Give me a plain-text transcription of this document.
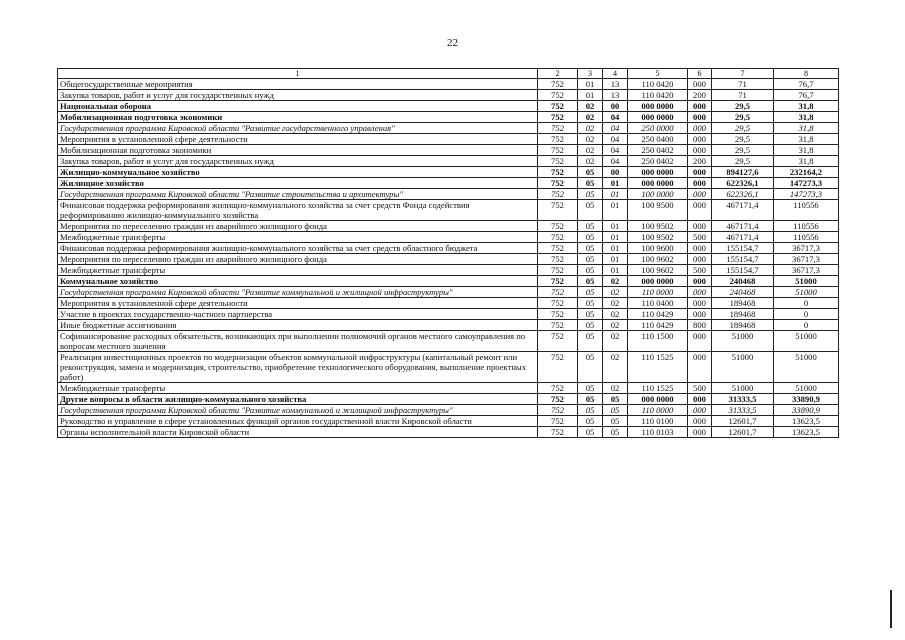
22
1	2	3	4	5	6	7	8
Общегосударственные мероприятия	752	01	13	110 0420	000	71	76,7
Закупка товаров, работ и услуг для государственных нужд	752	01	13	110 0420	200	71	76,7
Национальная оборона	752	02	00	000 0000	000	29,5	31,8
Мобилизационная подготовка экономики	752	02	04	000 0000	000	29,5	31,8
Государственная программа Кировской области "Развитие государственного управления"	752	02	04	250 0000	000	29,5	31,8
Мероприятия в установленной сфере деятельности	752	02	04	250 0400	000	29,5	31,8
Мобилизационная подготовка экономики	752	02	04	250 0402	000	29,5	31,8
Закупка товаров, работ и услуг для государственных нужд	752	02	04	250 0402	200	29,5	31,8
Жилищно-коммунальное хозяйство	752	05	00	000 0000	000	894127,6	232164,2
Жилищное хозяйство	752	05	01	000 0000	000	622326,1	147273,3
Государственная программа Кировской области "Развитие строительства и архитектуры"	752	05	01	100 0000	000	622326,1	147273,3
Финансовая поддержка реформирования жилищно-коммунального хозяйства за счет средств Фонда содействия реформированию жилищно-коммунального хозяйства	752	05	01	100 9500	000	467171,4	110556
Мероприятия по переселению граждан из аварийного жилищного фонда	752	05	01	100 9502	000	467171,4	110556
Межбюджетные трансферты	752	05	01	100 9502	500	467171,4	110556
Финансовая поддержка реформирования жилищно-коммунального хозяйства за счет средств областного бюджета	752	05	01	100 9600	000	155154,7	36717,3
Мероприятия по переселению граждан из аварийного жилищного фонда	752	05	01	100 9602	000	155154,7	36717,3
Межбюджетные трансферты	752	05	01	100 9602	500	155154,7	36717,3
Коммунальное хозяйство	752	05	02	000 0000	000	240468	51000
Государственная программа Кировской области "Развитие коммунальной и жилищной инфраструктуры"	752	05	02	110 0000	000	240468	51000
Мероприятия в установленной сфере деятельности	752	05	02	110 0400	000	189468	0
Участие в проектах государственно-частного партнерства	752	05	02	110 0429	000	189468	0
Иные бюджетные ассигнования	752	05	02	110 0429	800	189468	0
Софинансирование расходных обязательств, возникающих при выполнении полномочий органов местного самоуправления по вопросам местного значения	752	05	02	110 1500	000	51000	51000
Реализация инвестиционных проектов по модернизации объектов коммунальной инфраструктуры (капитальный ремонт или реконструкция, замена и модернизация, строительство, приобретение технологического оборудования, выполнение проектных работ)	752	05	02	110 1525	000	51000	51000
Межбюджетные трансферты	752	05	02	110 1525	500	51000	51000
Другие вопросы в области жилищно-коммунального хозяйства	752	05	05	000 0000	000	31333,5	33890,9
Государственная программа Кировской области "Развитие коммунальной и жилищной инфраструктуры"	752	05	05	110 0000	000	31333,5	33890,9
Руководство и управление в сфере установленных функций органов государственной власти Кировской области	752	05	05	110 0100	000	12601,7	13623,5
Органы исполнительной власти Кировской области	752	05	05	110 0103	000	12601,7	13623,5
